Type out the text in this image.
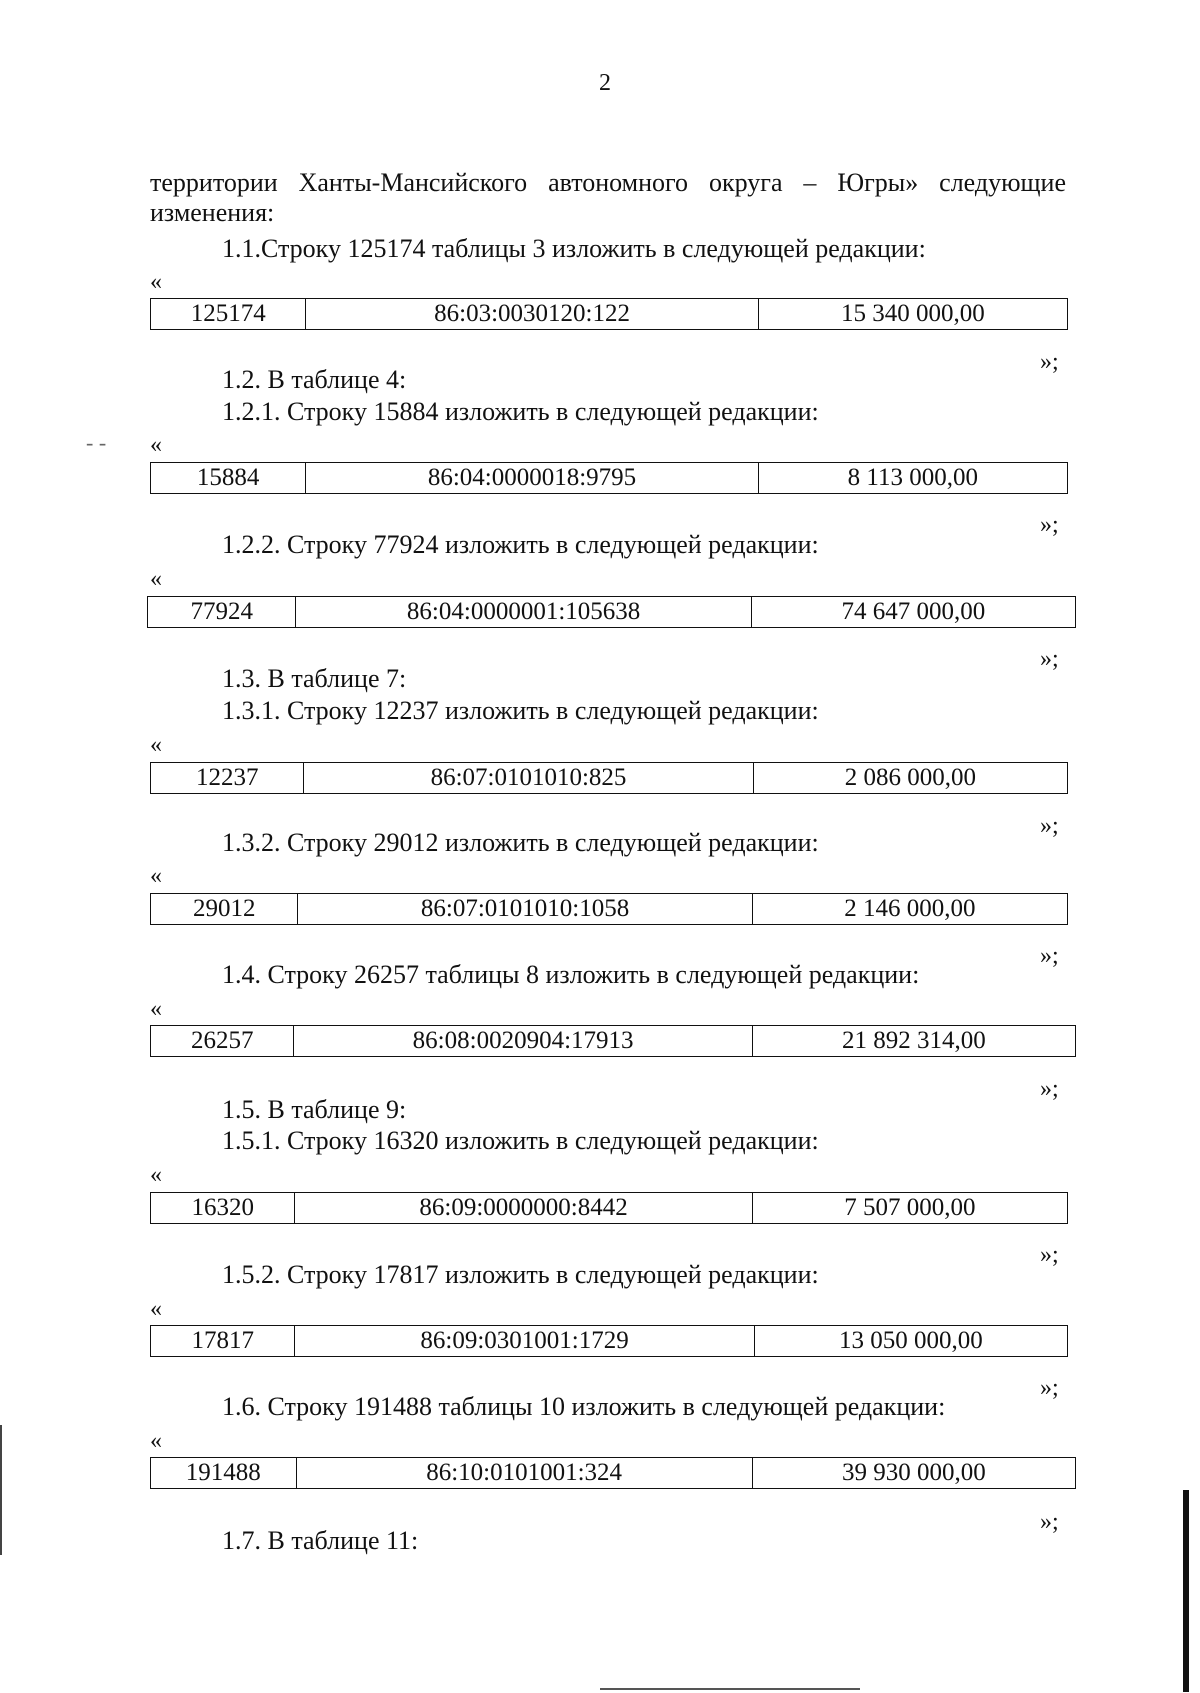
2
территории Ханты-Мансийского автономного округа – Югры» следующие изменения:
1.1.Строку 125174 таблицы 3 изложить в следующей редакции:
«
125174	86:03:0030120:122	15 340 000,00
»;
1.2. В таблице 4:
1.2.1. Строку 15884 изложить в следующей редакции:
«
15884	86:04:0000018:9795	8 113 000,00
»;
1.2.2. Строку 77924 изложить в следующей редакции:
«
77924	86:04:0000001:105638	74 647 000,00
»;
1.3. В таблице 7:
1.3.1. Строку 12237 изложить в следующей редакции:
«
12237	86:07:0101010:825	2 086 000,00
»;
1.3.2. Строку 29012 изложить в следующей редакции:
«
29012	86:07:0101010:1058	2 146 000,00
»;
1.4. Строку 26257 таблицы 8 изложить в следующей редакции:
«
26257	86:08:0020904:17913	21 892 314,00
»;
1.5. В таблице 9:
1.5.1. Строку 16320 изложить в следующей редакции:
«
16320	86:09:0000000:8442	7 507 000,00
»;
1.5.2. Строку 17817 изложить в следующей редакции:
«
17817	86:09:0301001:1729	13 050 000,00
»;
1.6. Строку 191488 таблицы 10 изложить в следующей редакции:
«
191488	86:10:0101001:324	39 930 000,00
»;
1.7. В таблице 11:
- -
